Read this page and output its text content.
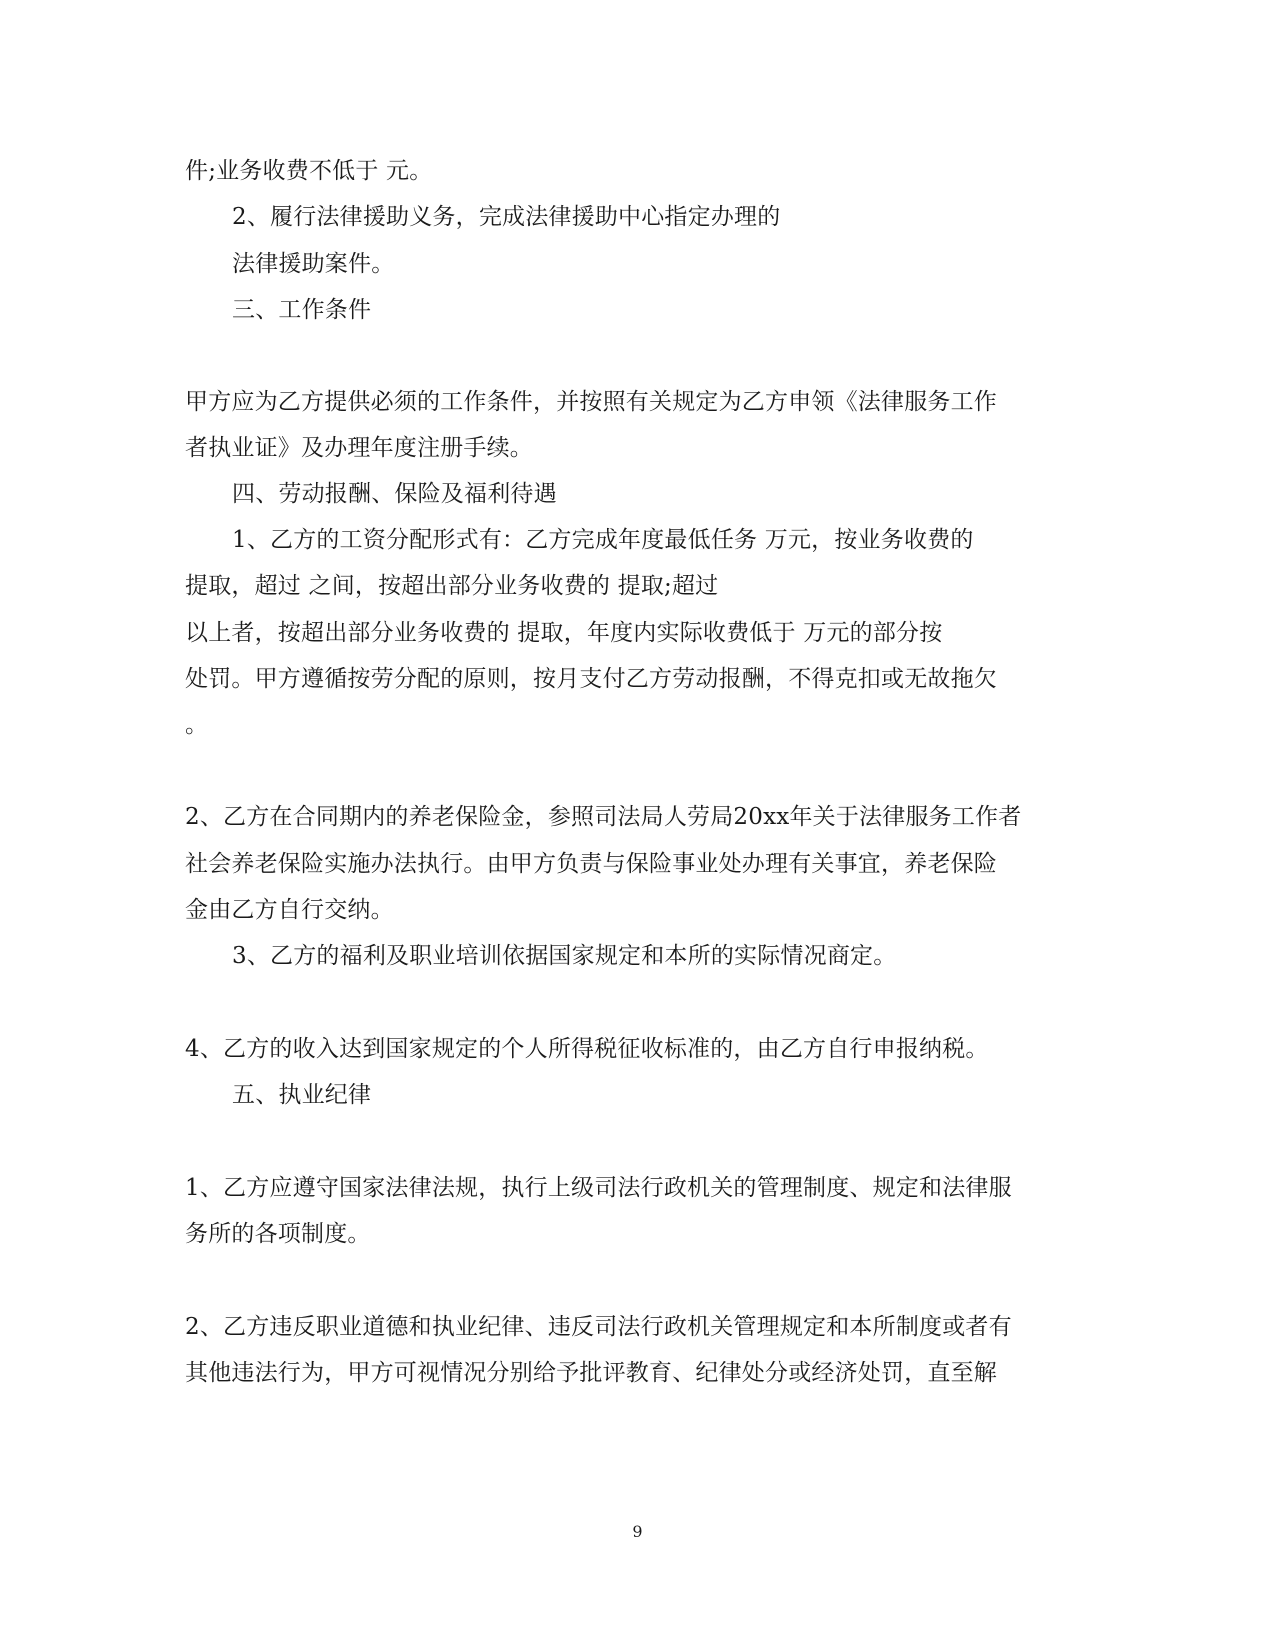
件;业务收费不低于 元。
2、履行法律援助义务，完成法律援助中心指定办理的
法律援助案件。
三、工作条件
甲方应为乙方提供必须的工作条件，并按照有关规定为乙方申领《法律服务工作
者执业证》及办理年度注册手续。
四、劳动报酬、保险及福利待遇
1、乙方的工资分配形式有：乙方完成年度最低任务 万元，按业务收费的
提取，超过 之间，按超出部分业务收费的 提取;超过
以上者，按超出部分业务收费的 提取，年度内实际收费低于 万元的部分按
处罚。甲方遵循按劳分配的原则，按月支付乙方劳动报酬，不得克扣或无故拖欠
。
2、乙方在合同期内的养老保险金，参照司法局人劳局20xx年关于法律服务工作者
社会养老保险实施办法执行。由甲方负责与保险事业处办理有关事宜，养老保险
金由乙方自行交纳。
3、乙方的福利及职业培训依据国家规定和本所的实际情况商定。
4、乙方的收入达到国家规定的个人所得税征收标准的，由乙方自行申报纳税。
五、执业纪律
1、乙方应遵守国家法律法规，执行上级司法行政机关的管理制度、规定和法律服
务所的各项制度。
2、乙方违反职业道德和执业纪律、违反司法行政机关管理规定和本所制度或者有
其他违法行为，甲方可视情况分别给予批评教育、纪律处分或经济处罚，直至解
9
